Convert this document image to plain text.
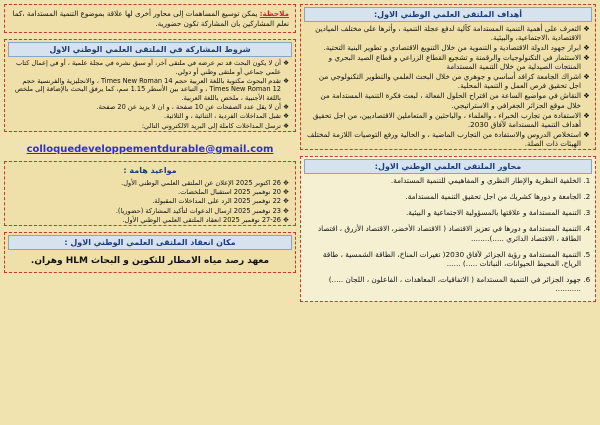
أهداف الملتقى العلمي الوطني الاول:
❖ التعرف على أهمية التنمية المستدامة كآلية لدفع عجلة التنمية ، وأثرها على مختلف الميادين الاقتصادية ،الاجتماعية، والبيئية.
❖ ابراز جهود الدولة الاقتصادية و التنموية من خلال التنويع الاقتصادي و تطوير البنية التحتية.
❖ الاستثمار في التكنولوجيات والرقمنة و تشجيع القطاع الزراعي و قطاع الصيد البحري و المنتجات الصيدلية من خلال التنمية المستدامة
❖ اشراك الجامعة كرافد أساسي و جوهري من خلال البحث العلمي والتطوير التكنولوجي من اجل تحقيق فرص العمل و التنمية المحلية.
❖ النقاش في مواضيع الساعة من اقتراح الحلول الفعالة ، لبعث فكرة التنمية المستدامة من خلال موقع الجزائر الجغرافي و الاستراتيجي.
❖ الاستفادة من تجارب الخبراء ، والعلماء ، والباحثين و المتعاملين الاقتصاديين، من اجل تحقيق أهداف التنمية المستدامة لآفاق 2030.
❖ استخلاص الدروس والاستفادة من التجارب الماضية ، و الحالية ورفع التوصيات اللازمة لمختلف الهيئات ذات الصلة.
محاور الملتقى العلمي الوطني الاول:
1. الخلفية النظرية والإطار النظري و المفاهيمي للتنمية المستدامة.
2. الجامعة و دورها كشريك من اجل تحقيق التنمية المستدامة.
3. التنمية المستدامة و علاقتها بالمسؤولية الاجتماعية و البيئية.
4. التنمية المستدامة و دورها في تعزيز الاقتصاد ( الاقتصاد الأخضر، الاقتصاد الأزرق ، اقتصاد الطاقة ، الاقتصاد الدائري .....)........
5. التنمية المستدامة و رؤية الجزائر لآفاق 2030( تغيرات المناخ، الطاقة الشمسية ، طاقة الرياح، المحيط الحيوانات، النباتات .....) ......
6. جهود الجزائر في التنمية المستدامة ( الاتفاقيات، المعاهدات ، الفاعلون ، اللجان .....) ...........
ملاحظة: يمكن توسيع المساهمات إلى محاور أخرى لها علاقة بموضوع التنمية المستدامة ،كما نعلم المشاركين بان المشاركة تكون حضورية.
شروط المشاركة في الملتقى العلمي الوطني الاول
❖ أن لا يكون البحث قد تم عرضه في ملتقى آخر، أو سبق نشره في مجلة علمية ، أو في إعمال كتاب علمي جماعي أو ملتقى وطني أو دولي.
❖ تقدم البحوث مكتوبة باللغة العربية حجم Times New Roman 14 ، والانجليزية والفرنسية حجم Times New Roman 12 ، و التباعد بين الأسطر 1.15 سم، كما يرفق البحث بالإضافة إلى ملخص باللغة الأجنبية ، ملخص باللغة العربية.
❖ أن لا يقل عدد الصفحات عن 10 صفحة ، و ان لا يزيد عن 20 صفحة.
❖ تقبل المداخلات الفردية ، الثنائية ، و الثلاثية.
❖ ترسل المداخلات كاملة إلى البريد الالكتروني التالي:
colloquedeveloppementdurable@gmail.com
مواعيد هامة :
✥ 26 اكتوبر 2025 الإعلان عن الملتقى العلمي الوطني الأول.
✥ 20 نوفمبر 2025 استقبال الملخصات.
✥ 22 نوفمبر 2025 الرد على المداخلات المقبولة.
✥ 23 نوفمبر 2025 ارسال الدعوات لتأكيد المشاركة (حضوريا).
✥ 27-26 نوفمبر 2025 انعقاد الملتقى العلمي الوطني الأول.
مكان انعقاد الملتقى العلمي الوطني الاول :
معهد رصد مياه الامطار للتكوين و البحاث HLM وهران.
